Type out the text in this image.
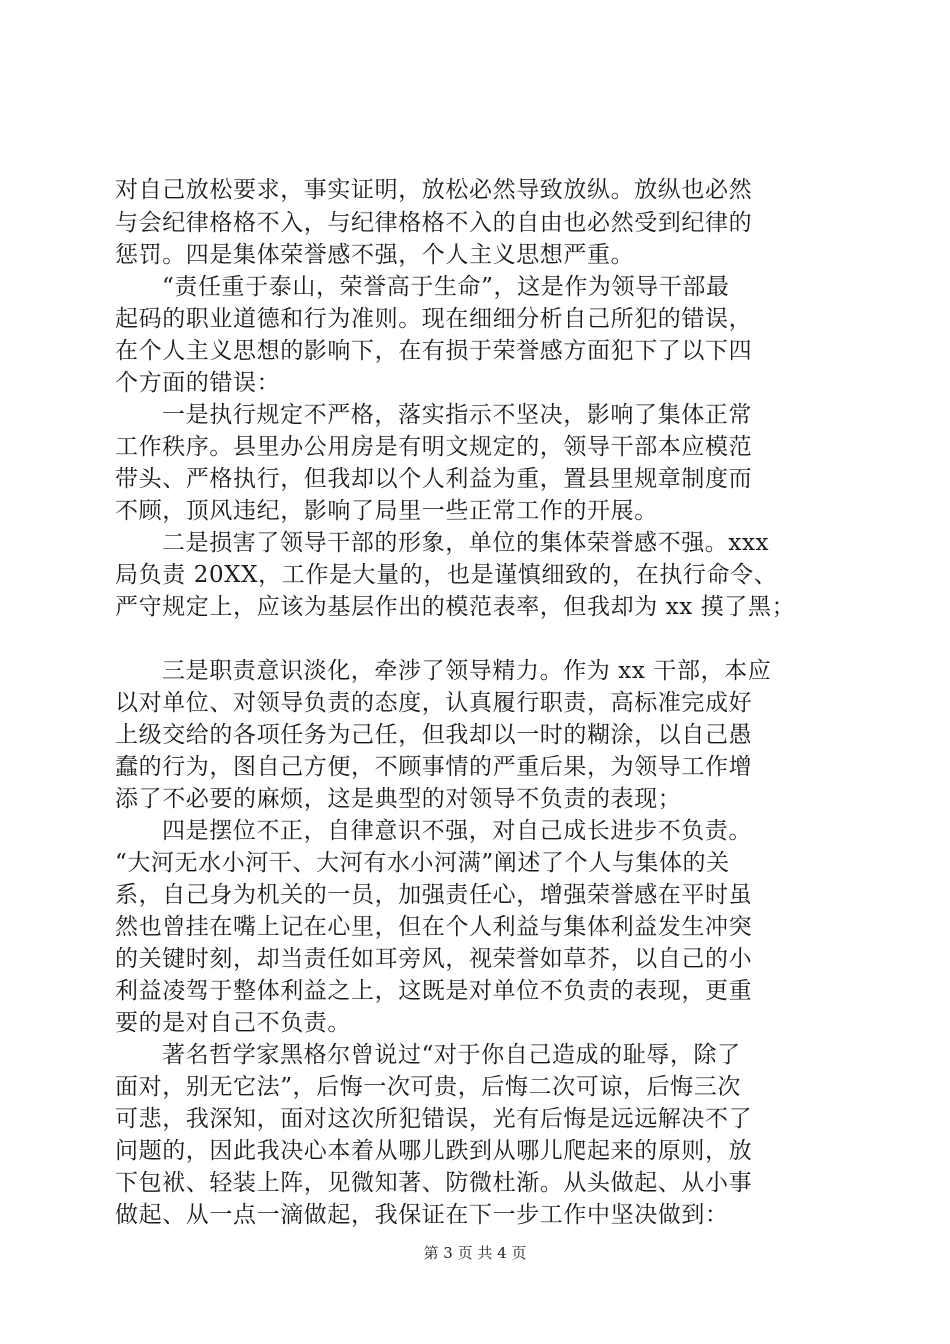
对自己放松要求，事实证明，放松必然导致放纵。放纵也必然
与会纪律格格不入，与纪律格格不入的自由也必然受到纪律的
惩罚。四是集体荣誉感不强，个人主义思想严重。
“责任重于泰山，荣誉高于生命”，这是作为领导干部最
起码的职业道德和行为准则。现在细细分析自己所犯的错误，
在个人主义思想的影响下，在有损于荣誉感方面犯下了以下四
个方面的错误：
一是执行规定不严格，落实指示不坚决，影响了集体正常
工作秩序。县里办公用房是有明文规定的，领导干部本应模范
带头、严格执行，但我却以个人利益为重，置县里规章制度而
不顾，顶风违纪，影响了局里一些正常工作的开展。
二是损害了领导干部的形象，单位的集体荣誉感不强。xxx
局负责 20XX，工作是大量的，也是谨慎细致的，在执行命令、
严守规定上，应该为基层作出的模范表率，但我却为 xx 摸了黑；
三是职责意识淡化，牵涉了领导精力。作为 xx 干部，本应
以对单位、对领导负责的态度，认真履行职责，高标准完成好
上级交给的各项任务为己任，但我却以一时的糊涂，以自己愚
蠢的行为，图自己方便，不顾事情的严重后果，为领导工作增
添了不必要的麻烦，这是典型的对领导不负责的表现；
四是摆位不正，自律意识不强，对自己成长进步不负责。
“大河无水小河干、大河有水小河满”阐述了个人与集体的关
系，自己身为机关的一员，加强责任心，增强荣誉感在平时虽
然也曾挂在嘴上记在心里，但在个人利益与集体利益发生冲突
的关键时刻，却当责任如耳旁风，视荣誉如草芥，以自己的小
利益凌驾于整体利益之上，这既是对单位不负责的表现，更重
要的是对自己不负责。
著名哲学家黑格尔曾说过“对于你自己造成的耻辱，除了
面对，别无它法”，后悔一次可贵，后悔二次可谅，后悔三次
可悲，我深知，面对这次所犯错误，光有后悔是远远解决不了
问题的，因此我决心本着从哪儿跌到从哪儿爬起来的原则，放
下包袱、轻装上阵，见微知著、防微杜渐。从头做起、从小事
做起、从一点一滴做起，我保证在下一步工作中坚决做到：
第 3 页 共 4 页
